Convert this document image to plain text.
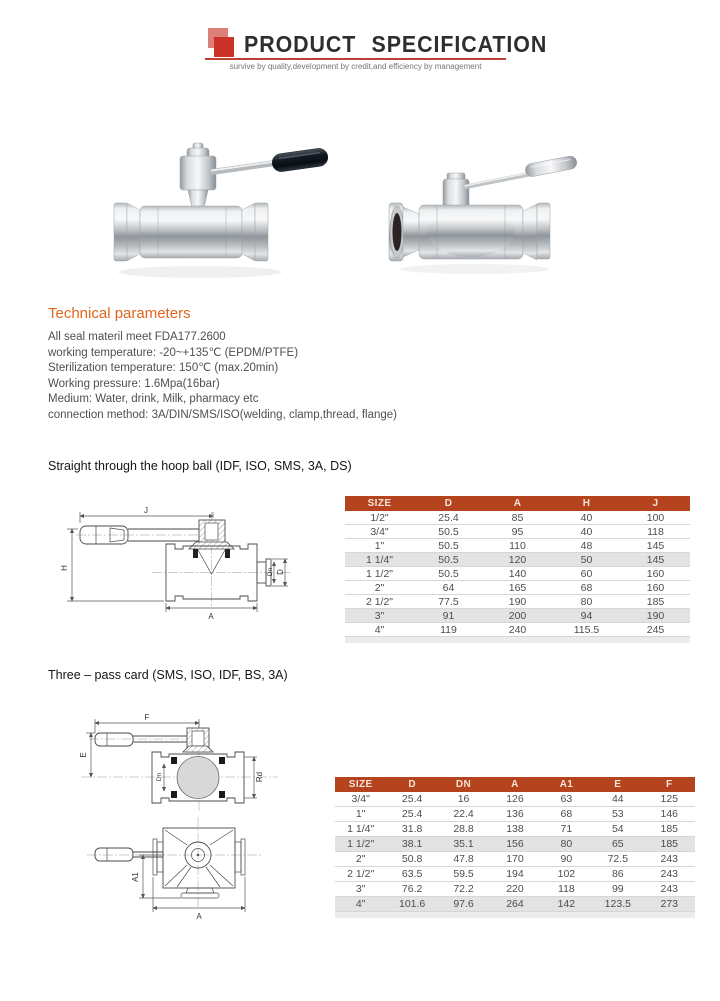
PRODUCT SPECIFICATION
survive by quality,development by credit,and efficiency by management
Technical parameters
All seal materil meet FDA177.2600
working temperature: -20~+135℃ (EPDM/PTFE)
Sterilization temperature: 150℃ (max.20min)
Working pressure: 1.6Mpa(16bar)
Medium: Water, drink, Milk, pharmacy etc
connection method: 3A/DIN/SMS/ISO(welding, clamp,thread, flange)
Straight through the hoop ball (IDF, ISO, SMS, 3A, DS)
J
H	Dn D
A
SIZE	D	A	H	J
1/2"	25.4	85	40	100
3/4"	50.5	95	40	118
1"	50.5	110	48	145
1 1/4"	50.5	120	50	145
1 1/2"	50.5	140	60	160
2"	64	165	68	160
2 1/2"	77.5	190	80	185
3"	91	200	94	190
4"	119	240	115.5	245
Three – pass card (SMS, ISO, IDF, BS, 3A)
F
E
Dn	Rd
A1
A
SIZE	D	DN	A	A1	E	F
3/4"	25.4	16	126	63	44	125
1"	25.4	22.4	136	68	53	146
1 1/4"	31.8	28.8	138	71	54	185
1 1/2"	38.1	35.1	156	80	65	185
2"	50.8	47.8	170	90	72.5	243
2 1/2"	63.5	59.5	194	102	86	243
3"	76.2	72.2	220	118	99	243
4"	101.6	97.6	264	142	123.5	273
